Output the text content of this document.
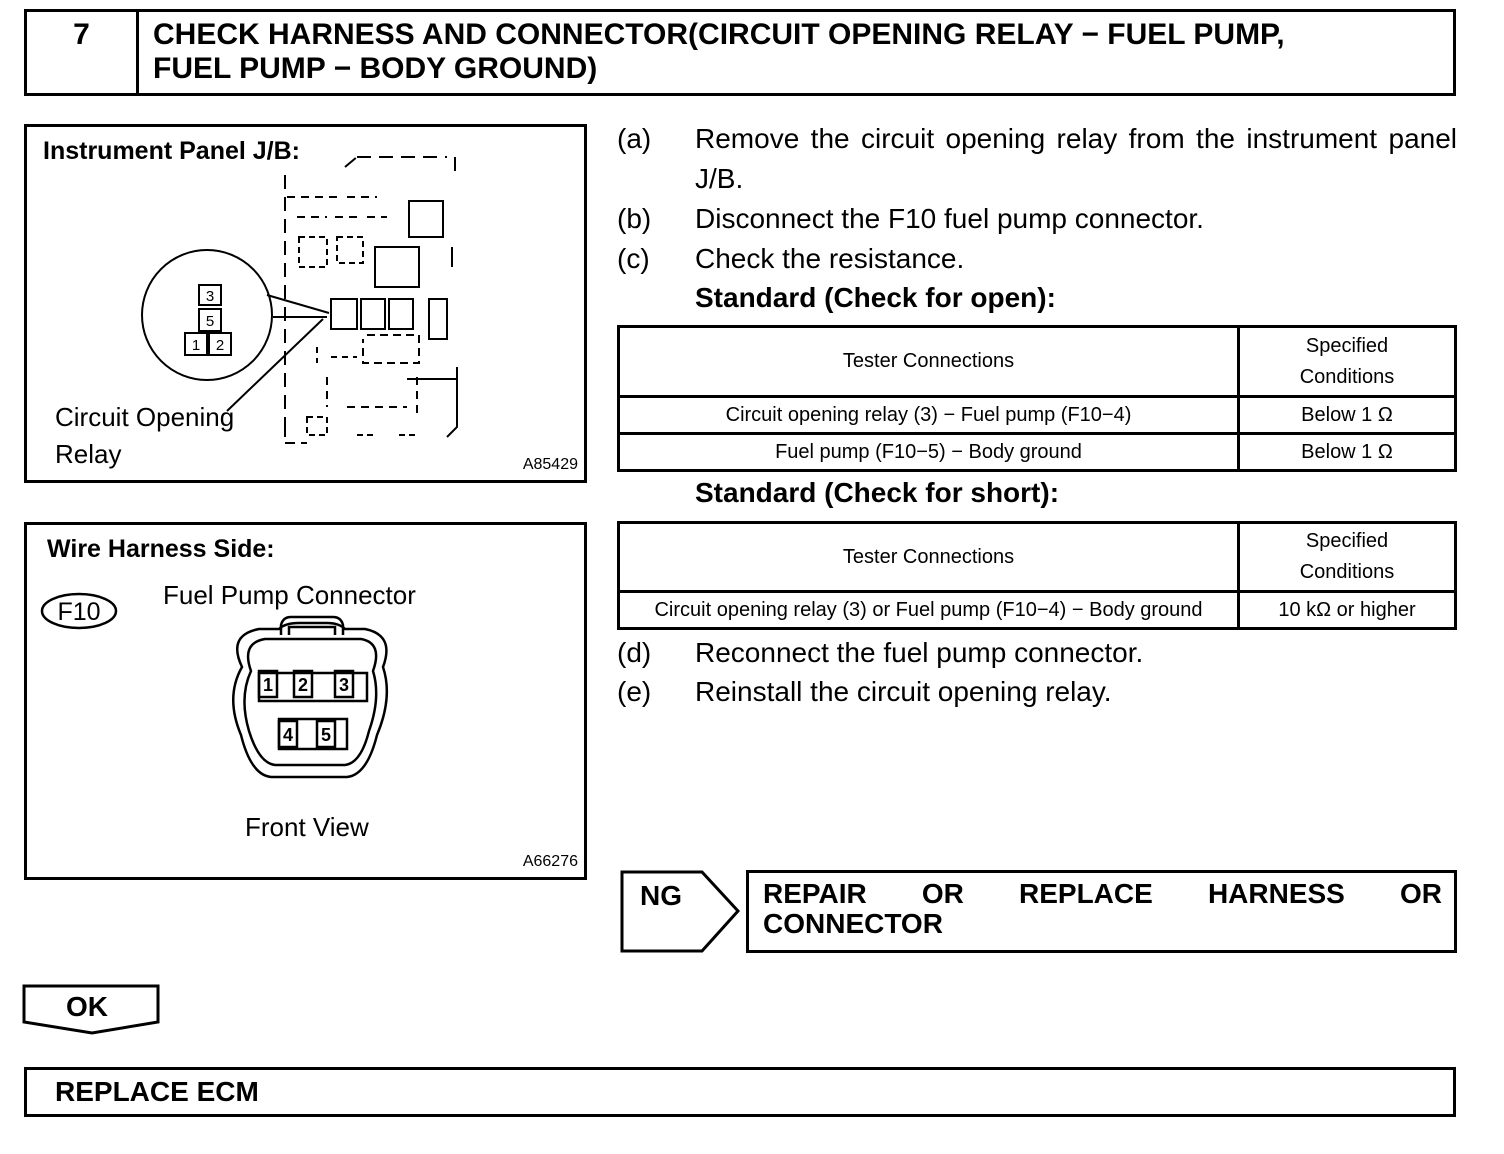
7	CHECK HARNESS AND CONNECTOR(CIRCUIT OPENING RELAY − FUEL PUMP,
FUEL PUMP − BODY GROUND)
Instrument Panel J/B:
3
5
1 2
Circuit Opening
Relay	A85429
Wire Harness Side:
1 2 3
4 5
F10
Fuel Pump Connector
Front View
A66276
(a) Remove the circuit opening relay from the instrument panel J/B.
(b) Disconnect the F10 fuel pump connector.
(c) Check the resistance.
Standard (Check for open):
Tester Connections	Specified
Conditions

Circuit opening relay (3) − Fuel pump (F10−4)	Below 1 Ω
Fuel pump (F10−5) − Body ground	Below 1 Ω
Standard (Check for short):
Tester Connections	Specified
Conditions

Circuit opening relay (3) or Fuel pump (F10−4) − Body ground	10 kΩ or higher
(d) Reconnect the fuel pump connector.
(e) Reinstall the circuit opening relay.
NG	REPAIR OR REPLACE HARNESS OR
CONNECTOR
OK
REPLACE ECM
